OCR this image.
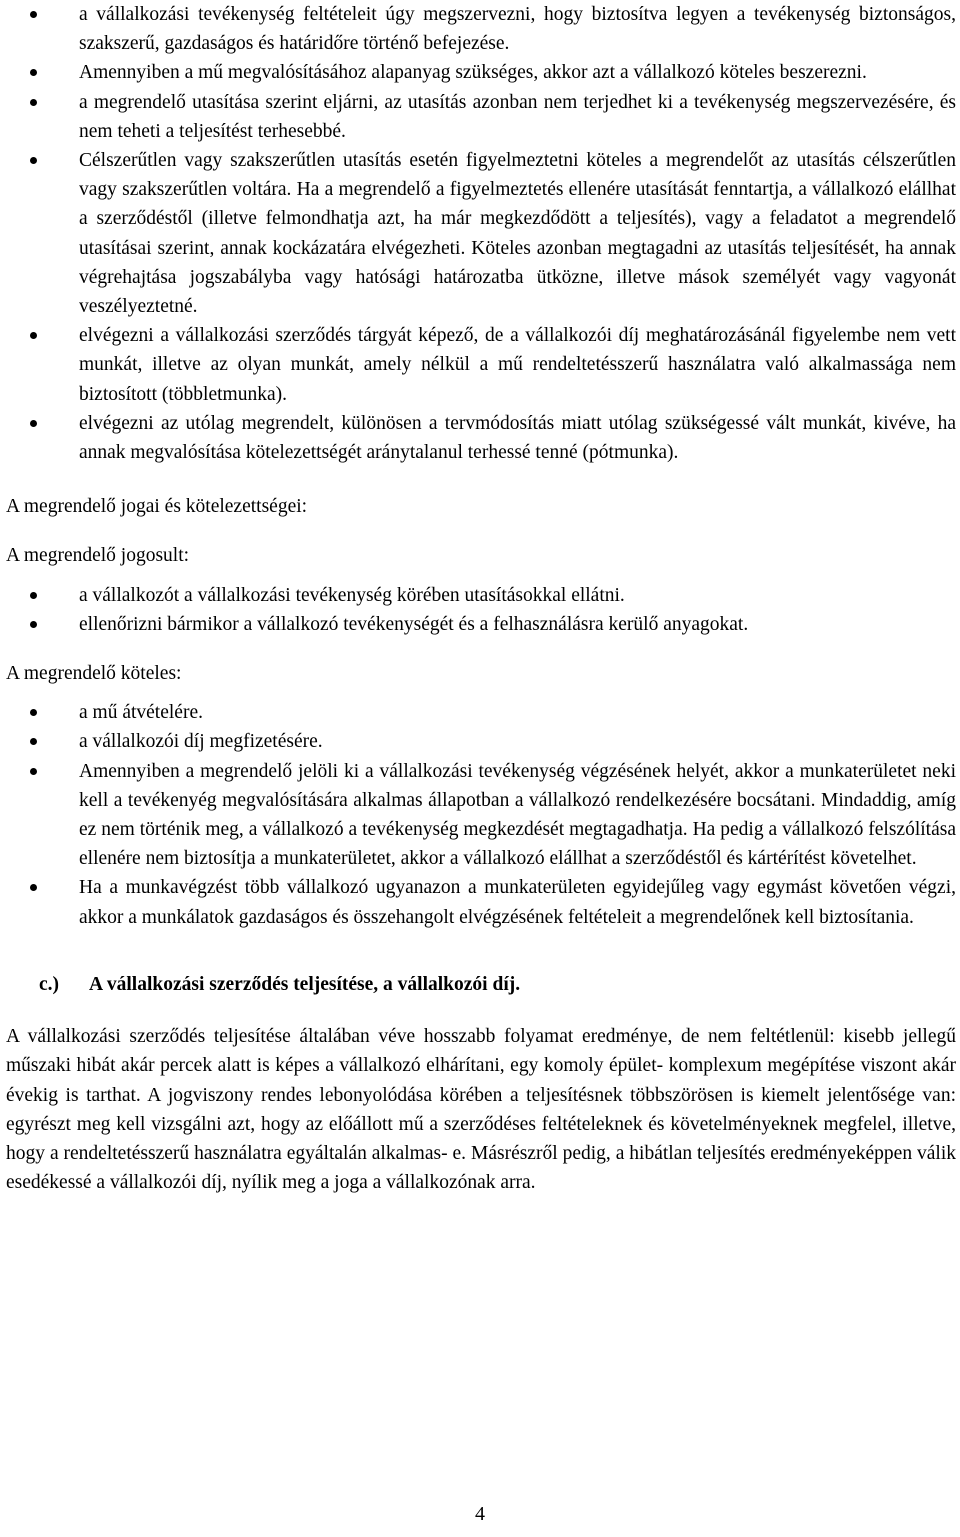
a vállalkozási tevékenység feltételeit úgy megszervezni, hogy biztosítva legyen a tevékenység biztonságos, szakszerű, gazdaságos és határidőre történő befejezése.
Amennyiben a mű megvalósításához alapanyag szükséges, akkor azt a vállalkozó köteles beszerezni.
a megrendelő utasítása szerint eljárni, az utasítás azonban nem terjedhet ki a tevékenység megszervezésére, és nem teheti a teljesítést terhesebbé.
Célszerűtlen vagy szakszerűtlen utasítás esetén figyelmeztetni köteles a megrendelőt az utasítás célszerűtlen vagy szakszerűtlen voltára. Ha a megrendelő a figyelmeztetés ellenére utasítását fenntartja, a vállalkozó elállhat a szerződéstől (illetve felmondhatja azt, ha már megkezdődött a teljesítés), vagy a feladatot a megrendelő utasításai szerint, annak kockázatára elvégezheti. Köteles azonban megtagadni az utasítás teljesítését, ha annak végrehajtása jogszabályba vagy hatósági határozatba ütközne, illetve mások személyét vagy vagyonát veszélyeztetné.
elvégezni a vállalkozási szerződés tárgyát képező, de a vállalkozói díj meghatározásánál figyelembe nem vett munkát, illetve az olyan munkát, amely nélkül a mű rendeltetésszerű használatra való alkalmassága nem biztosított (többletmunka).
elvégezni az utólag megrendelt, különösen a tervmódosítás miatt utólag szükségessé vált munkát, kivéve, ha annak megvalósítása kötelezettségét aránytalanul terhessé tenné (pótmunka).

A megrendelő jogai és kötelezettségei:

A megrendelő jogosult:

a vállalkozót a vállalkozási tevékenység körében utasításokkal ellátni.
ellenőrizni bármikor a vállalkozó tevékenységét és a felhasználásra kerülő anyagokat.

A megrendelő köteles:

a mű átvételére.
a vállalkozói díj megfizetésére.
Amennyiben a megrendelő jelöli ki a vállalkozási tevékenység végzésének helyét, akkor a munkaterületet neki kell a tevékenyég megvalósítására alkalmas állapotban a vállalkozó rendelkezésére bocsátani. Mindaddig, amíg ez nem történik meg, a vállalkozó a tevékenység megkezdését megtagadhatja. Ha pedig a vállalkozó felszólítása ellenére nem biztosítja a munkaterületet, akkor a vállalkozó elállhat a szerződéstől és kártérítést követelhet.
Ha a munkavégzést több vállalkozó ugyanazon a munkaterületen egyidejűleg vagy egymást követően végzi, akkor a munkálatok gazdaságos és összehangolt elvégzésének feltételeit a megrendelőnek kell biztosítania.

c.) A vállalkozási szerződés teljesítése, a vállalkozói díj.

A vállalkozási szerződés teljesítése általában véve hosszabb folyamat eredménye, de nem feltétlenül: kisebb jellegű műszaki hibát akár percek alatt is képes a vállalkozó elhárítani, egy komoly épület- komplexum megépítése viszont akár évekig is tarthat. A jogviszony rendes lebonyolódása körében a teljesítésnek többszörösen is kiemelt jelentősége van: egyrészt meg kell vizsgálni azt, hogy az előállott mű a szerződéses feltételeknek és követelményeknek megfelel, illetve, hogy a rendeltetésszerű használatra egyáltalán alkalmas- e. Másrészről pedig, a hibátlan teljesítés eredményeképpen válik esedékessé a vállalkozói díj, nyílik meg a joga a vállalkozónak arra.

4
